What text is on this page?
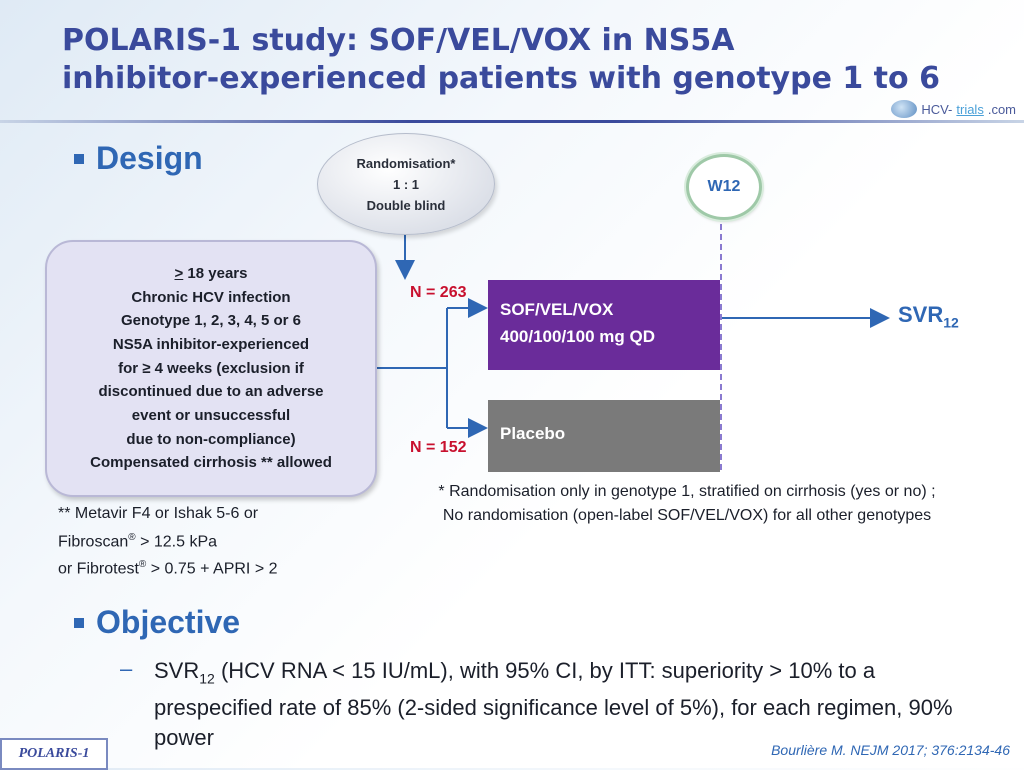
POLARIS-1 study: SOF/VEL/VOX in NS5A
inhibitor-experienced patients with genotype 1 to 6
HCV- trials .com
Design	Randomisation*
1 : 1
Double blind
W12
≥ 18 years
Chronic HCV infection
Genotype 1, 2, 3, 4, 5 or 6
NS5A inhibitor-experienced
for ≥ 4 weeks (exclusion if
discontinued due to an adverse
event or unsuccessful
due to non-compliance)
Compensated cirrhosis ** allowed
** Metavir F4 or Ishak 5-6 or
Fibroscan® > 12.5 kPa
or Fibrotest® > 0.75 + APRI > 2
N = 263
N = 152
SOF/VEL/VOX
400/100/100 mg QD
Placebo
$SVR_{12}$
* Randomisation only in genotype 1, stratified on cirrhosis (yes or no) ;
No randomisation (open-label SOF/VEL/VOX) for all other genotypes
Objective
– $SVR_{12}$ (HCV RNA < 15 IU/mL), with 95% CI, by ITT: superiority > 10% to a prespecified rate of 85% (2-sided significance level of 5%), for each regimen, 90% power
POLARIS-1	Bourlière M. NEJM 2017; 376:2134-46
